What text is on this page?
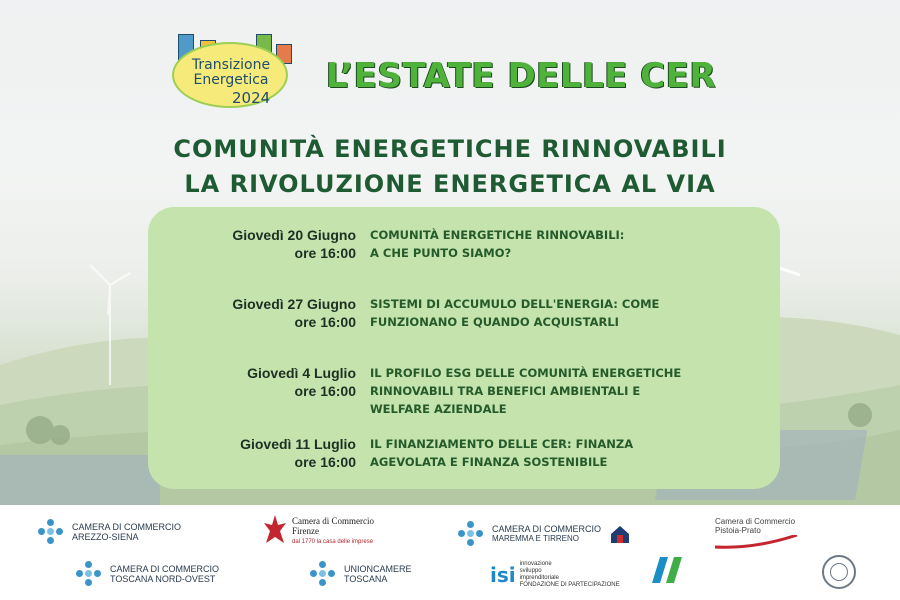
Transizione
Energetica
2024
L’ESTATE DELLE CER
COMUNITÀ ENERGETICHE RINNOVABILI
LA RIVOLUZIONE ENERGETICA AL VIA
Giovedì 20 Giugno
ore 16:00
COMUNITÀ ENERGETICHE RINNOVABILI:
A CHE PUNTO SIAMO?
Giovedì 27 Giugno
ore 16:00
SISTEMI DI ACCUMULO DELL'ENERGIA: COME
FUNZIONANO E QUANDO ACQUISTARLI
Giovedì 4 Luglio
ore 16:00
IL PROFILO ESG DELLE COMUNITÀ ENERGETICHE
RINNOVABILI TRA BENEFICI AMBIENTALI E
WELFARE AZIENDALE
Giovedì 11 Luglio
ore 16:00
IL FINANZIAMENTO DELLE CER: FINANZA
AGEVOLATA E FINANZA SOSTENIBILE
CAMERA DI COMMERCIO
AREZZO-SIENA
Camera di Commercio
Firenze
dal 1770 la casa delle imprese
CAMERA DI COMMERCIO
MAREMMA E TIRRENO
Camera di Commercio
Pistoia-Prato
CAMERA DI COMMERCIO
TOSCANA NORD-OVEST
UNIONCAMERE
TOSCANA	isi innovazione
sviluppo
imprenditoriale
FONDAZIONE DI PARTECIPAZIONE
